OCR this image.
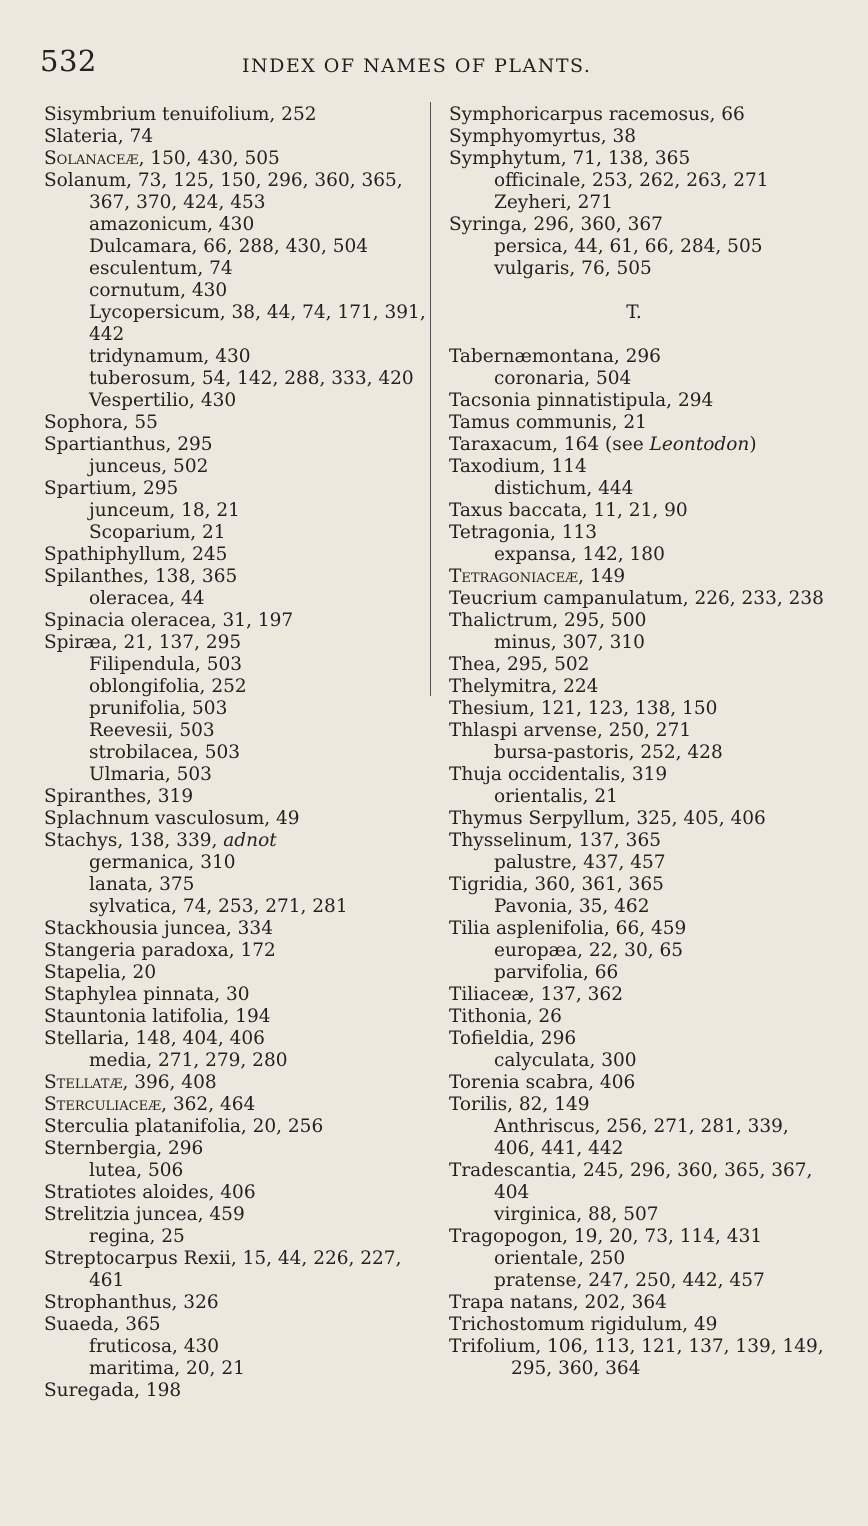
532	INDEX OF NAMES OF PLANTS.
Sisymbrium tenuifolium, 252
Slateria, 74
Solanaceæ, 150, 430, 505
Solanum, 73, 125, 150, 296, 360, 365,
367, 370, 424, 453
amazonicum, 430
Dulcamara, 66, 288, 430, 504
esculentum, 74
cornutum, 430
Lycopersicum, 38, 44, 74, 171, 391,
442
tridynamum, 430
tuberosum, 54, 142, 288, 333, 420
Vespertilio, 430
Sophora, 55
Spartianthus, 295
junceus, 502
Spartium, 295
junceum, 18, 21
Scoparium, 21
Spathiphyllum, 245
Spilanthes, 138, 365
oleracea, 44
Spinacia oleracea, 31, 197
Spiræa, 21, 137, 295
Filipendula, 503
oblongifolia, 252
prunifolia, 503
Reevesii, 503
strobilacea, 503
Ulmaria, 503
Spiranthes, 319
Splachnum vasculosum, 49
Stachys, 138, 339, adnot
germanica, 310
lanata, 375
sylvatica, 74, 253, 271, 281
Stackhousia juncea, 334
Stangeria paradoxa, 172
Stapelia, 20
Staphylea pinnata, 30
Stauntonia latifolia, 194
Stellaria, 148, 404, 406
media, 271, 279, 280
Stellatæ, 396, 408
Sterculiaceæ, 362, 464
Sterculia platanifolia, 20, 256
Sternbergia, 296
lutea, 506
Stratiotes aloides, 406
Strelitzia juncea, 459
regina, 25
Streptocarpus Rexii, 15, 44, 226, 227,
461
Strophanthus, 326
Suaeda, 365
fruticosa, 430
maritima, 20, 21
Suregada, 198
Symphoricarpus racemosus, 66
Symphyomyrtus, 38
Symphytum, 71, 138, 365
officinale, 253, 262, 263, 271
Zeyheri, 271
Syringa, 296, 360, 367
persica, 44, 61, 66, 284, 505
vulgaris, 76, 505
T.
Tabernæmontana, 296
coronaria, 504
Tacsonia pinnatistipula, 294
Tamus communis, 21
Taraxacum, 164 (see Leontodon)
Taxodium, 114
distichum, 444
Taxus baccata, 11, 21, 90
Tetragonia, 113
expansa, 142, 180
Tetragoniaceæ, 149
Teucrium campanulatum, 226, 233, 238
Thalictrum, 295, 500
minus, 307, 310
Thea, 295, 502
Thelymitra, 224
Thesium, 121, 123, 138, 150
Thlaspi arvense, 250, 271
bursa-pastoris, 252, 428
Thuja occidentalis, 319
orientalis, 21
Thymus Serpyllum, 325, 405, 406
Thysselinum, 137, 365
palustre, 437, 457
Tigridia, 360, 361, 365
Pavonia, 35, 462
Tilia asplenifolia, 66, 459
europæa, 22, 30, 65
parvifolia, 66
Tiliaceæ, 137, 362
Tithonia, 26
Tofieldia, 296
calyculata, 300
Torenia scabra, 406
Torilis, 82, 149
Anthriscus, 256, 271, 281, 339,
406, 441, 442
Tradescantia, 245, 296, 360, 365, 367,
404
virginica, 88, 507
Tragopogon, 19, 20, 73, 114, 431
orientale, 250
pratense, 247, 250, 442, 457
Trapa natans, 202, 364
Trichostomum rigidulum, 49
Trifolium, 106, 113, 121, 137, 139, 149,
295, 360, 364
